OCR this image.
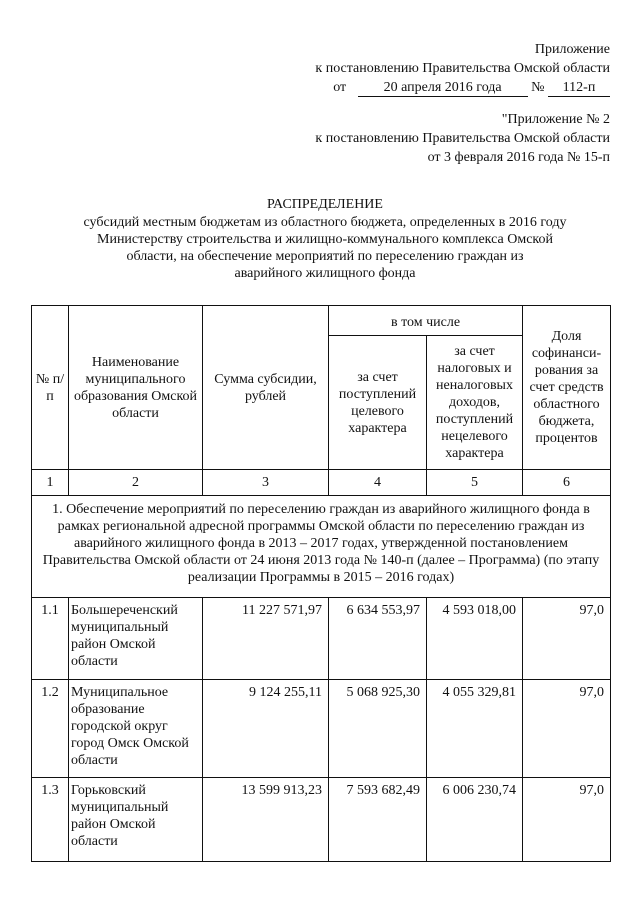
Приложение
к постановлению Правительства Омской области
от	20 апреля 2016 года № 112-п
"Приложение № 2
к постановлению Правительства Омской области
от 3 февраля 2016 года № 15-п
РАСПРЕДЕЛЕНИЕ
субсидий местным бюджетам из областного бюджета, определенных в 2016 году
Министерству строительства и жилищно-коммунального комплекса Омской
области, на обеспечение мероприятий по переселению граждан из
аварийного жилищного фонда
№ п/п	Наименование муниципального образования Омской области	Сумма субсидии, рублей	в том числе		Доля софинанси-рования за счет средств областного бюджета, процентов
			за счет поступлений целевого характера	за счет налоговых и неналоговых доходов, поступлений нецелевого характера	
1	2	3	4	5	6
1. Обеспечение мероприятий по переселению граждан из аварийного жилищного фонда в рамках региональной адресной программы Омской области по переселению граждан из аварийного жилищного фонда в 2013 – 2017 годах, утвержденной постановлением Правительства Омской области от 24 июня 2013 года № 140-п (далее – Программа) (по этапу реализации Программы в 2015 – 2016 годах)					
1.1	Большереченский муниципальный район Омской области	11 227 571,97	6 634 553,97	4 593 018,00	97,0
1.2	Муниципальное образование городской округ город Омск Омской области	9 124 255,11	5 068 925,30	4 055 329,81	97,0
1.3	Горьковский муниципальный район Омской области	13 599 913,23	7 593 682,49	6 006 230,74	97,0
